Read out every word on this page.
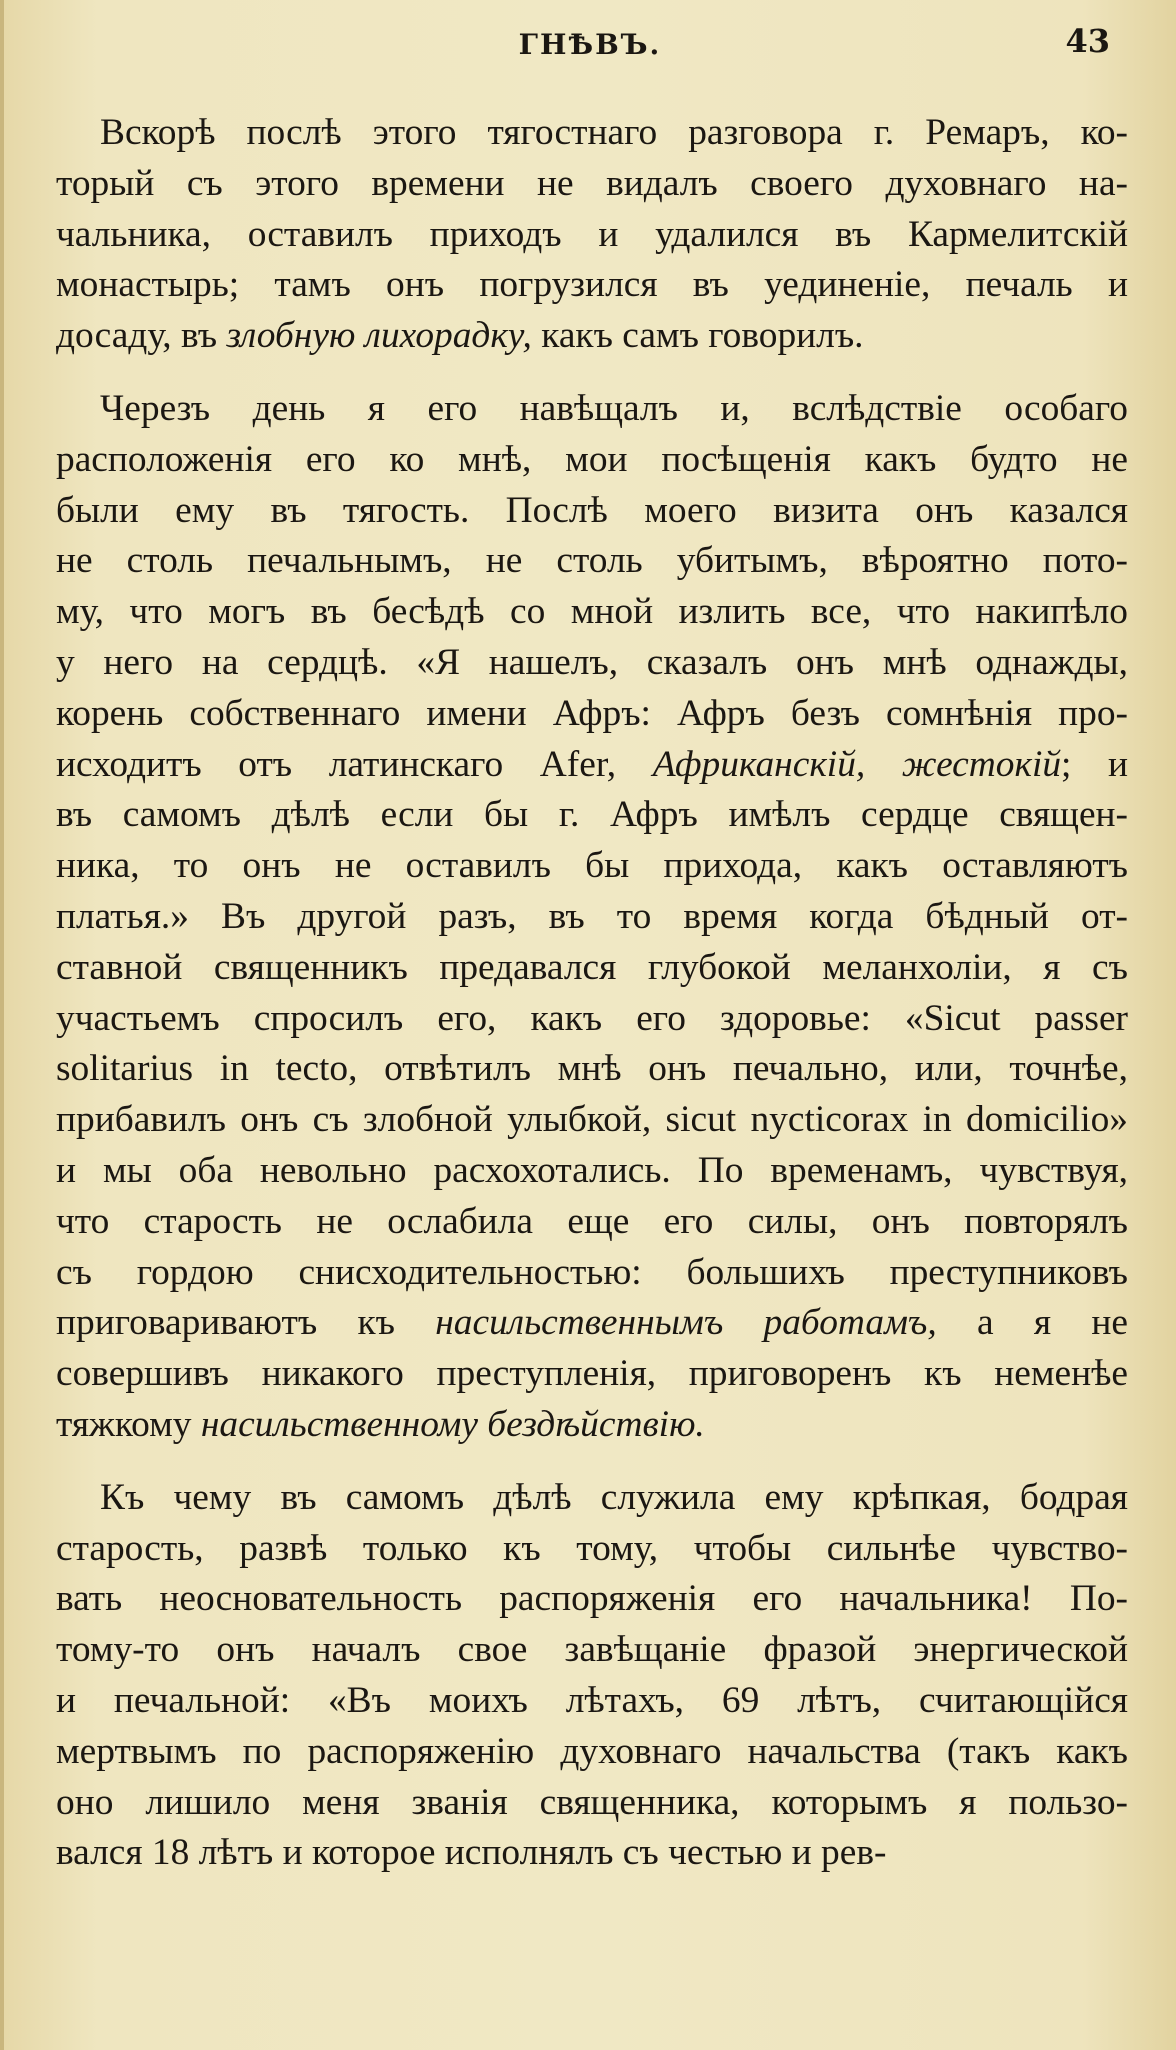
ГНѢВЪ.	43
Вскорѣ послѣ этого тягостнаго разговора г. Ремаръ, ко-
торый съ этого времени не видалъ своего духовнаго на-
чальника, оставилъ приходъ и удалился въ Кармелитскій
монастырь; тамъ онъ погрузился въ уединеніе, печаль и
досаду, въ злобную лихорадку, какъ самъ говорилъ.
Черезъ день я его навѣщалъ и, вслѣдствіе особаго
расположенія его ко мнѣ, мои посѣщенія какъ будто не
были ему въ тягость. Послѣ моего визита онъ казался
не столь печальнымъ, не столь убитымъ, вѣроятно пото-
му, что могъ въ бесѣдѣ со мной излить все, что накипѣло
у него на сердцѣ. «Я нашелъ, сказалъ онъ мнѣ однажды,
корень собственнаго имени Афръ: Афръ безъ сомнѣнія про-
исходитъ отъ латинскаго Afer, Африканскій, жестокій; и
въ самомъ дѣлѣ если бы г. Афръ имѣлъ сердце священ-
ника, то онъ не оставилъ бы прихода, какъ оставляютъ
платья.» Въ другой разъ, въ то время когда бѣдный от-
ставной священникъ предавался глубокой меланхоліи, я съ
участьемъ спросилъ его, какъ его здоровье: «Sicut passer
solitarius in tecto, отвѣтилъ мнѣ онъ печально, или, точнѣе,
прибавилъ онъ съ злобной улыбкой, sicut nycticorax in domicilio»
и мы оба невольно расхохотались. По временамъ, чувствуя,
что старость не ослабила еще его силы, онъ повторялъ
съ гордою снисходительностью: большихъ преступниковъ
приговариваютъ къ насильственнымъ работамъ, а я не
совершивъ никакого преступленія, приговоренъ къ неменѣе
тяжкому насильственному бездѣйствію.
Къ чему въ самомъ дѣлѣ служила ему крѣпкая, бодрая
старость, развѣ только къ тому, чтобы сильнѣе чувство-
вать неосновательность распоряженія его начальника! По-
тому-то онъ началъ свое завѣщаніе фразой энергической
и печальной: «Въ моихъ лѣтахъ, 69 лѣтъ, считающійся
мертвымъ по распоряженію духовнаго начальства (такъ какъ
оно лишило меня званія священника, которымъ я пользо-
вался 18 лѣтъ и которое исполнялъ съ честью и рев-
